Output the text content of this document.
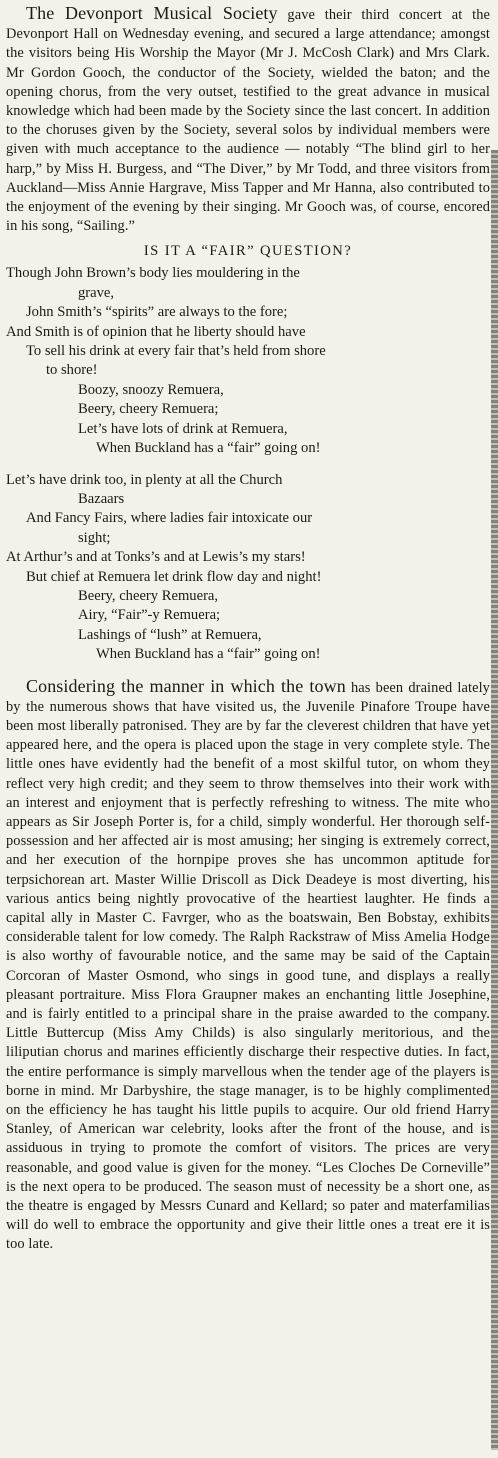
The Devonport Musical Society gave their third concert at the Devonport Hall on Wednesday evening, and secured a large attendance; amongst the visitors being His Worship the Mayor (Mr J. McCosh Clark) and Mrs Clark. Mr Gordon Gooch, the conductor of the Society, wielded the baton; and the opening chorus, from the very outset, testified to the great advance in musical knowledge which had been made by the Society since the last concert. In addition to the choruses given by the Society, several solos by individual members were given with much acceptance to the audience — notably “The blind girl to her harp,” by Miss H. Burgess, and “The Diver,” by Mr Todd, and three visitors from Auckland—Miss Annie Hargrave, Miss Tapper and Mr Hanna, also contributed to the enjoyment of the evening by their singing. Mr Gooch was, of course, encored in his song, “Sailing.”

IS IT A “FAIR” QUESTION?
Though John Brown’s body lies mouldering in the
grave,
John Smith’s “spirits” are always to the fore;
And Smith is of opinion that he liberty should have
To sell his drink at every fair that’s held from shore
to shore!
Boozy, snoozy Remuera,
Beery, cheery Remuera;
Let’s have lots of drink at Remuera,
When Buckland has a “fair” going on!
Let’s have drink too, in plenty at all the Church
Bazaars
And Fancy Fairs, where ladies fair intoxicate our
sight;
At Arthur’s and at Tonks’s and at Lewis’s my stars!
But chief at Remuera let drink flow day and night!
Beery, cheery Remuera,
Airy, “Fair”-y Remuera;
Lashings of “lush” at Remuera,
When Buckland has a “fair” going on!

Considering the manner in which the town has been drained lately by the numerous shows that have visited us, the Juvenile Pinafore Troupe have been most liberally patronised. They are by far the cleverest children that have yet appeared here, and the opera is placed upon the stage in very complete style. The little ones have evidently had the benefit of a most skilful tutor, on whom they reflect very high credit; and they seem to throw themselves into their work with an interest and enjoyment that is perfectly refreshing to witness. The mite who appears as Sir Joseph Porter is, for a child, simply wonderful. Her thorough self-possession and her affected air is most amusing; her singing is extremely correct, and her execution of the hornpipe proves she has uncommon aptitude for terpsichorean art. Master Willie Driscoll as Dick Deadeye is most diverting, his various antics being nightly provocative of the heartiest laughter. He finds a capital ally in Master C. Favrger, who as the boatswain, Ben Bobstay, exhibits considerable talent for low comedy. The Ralph Rackstraw of Miss Amelia Hodge is also worthy of favourable notice, and the same may be said of the Captain Corcoran of Master Osmond, who sings in good tune, and displays a really pleasant portraiture. Miss Flora Graupner makes an enchanting little Josephine, and is fairly entitled to a principal share in the praise awarded to the company. Little Buttercup (Miss Amy Childs) is also singularly meritorious, and the liliputian chorus and marines efficiently discharge their respective duties. In fact, the entire performance is simply marvellous when the tender age of the players is borne in mind. Mr Darbyshire, the stage manager, is to be highly complimented on the efficiency he has taught his little pupils to acquire. Our old friend Harry Stanley, of American war celebrity, looks after the front of the house, and is assiduous in trying to promote the comfort of visitors. The prices are very reasonable, and good value is given for the money. “Les Cloches De Corneville” is the next opera to be produced. The season must of necessity be a short one, as the theatre is engaged by Messrs Cunard and Kellard; so pater and materfamilias will do well to embrace the opportunity and give their little ones a treat ere it is too late.
